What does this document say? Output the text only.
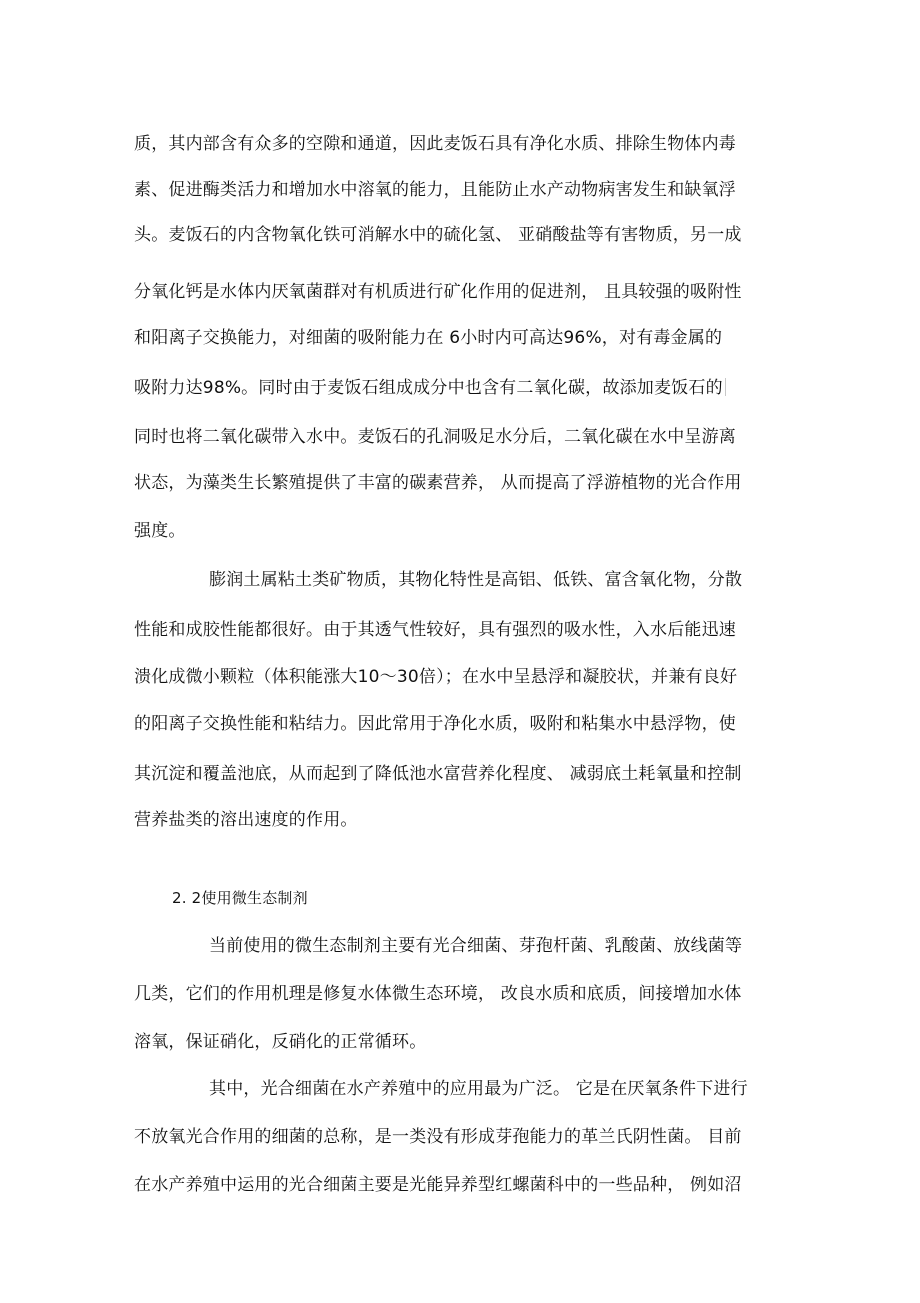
质，其内部含有众多的空隙和通道，因此麦饭石具有净化水质、排除生物体内毒
素、促进酶类活力和增加水中溶氧的能力，且能防止水产动物病害发生和缺氧浮
头。麦饭石的内含物氧化铁可消解水中的硫化氢、 亚硝酸盐等有害物质，另一成
分氧化钙是水体内厌氧菌群对有机质进行矿化作用的促进剂， 且具较强的吸附性
和阳离子交换能力，对细菌的吸附能力在 6小时内可高达96%，对有毒金属的
吸附力达98%。同时由于麦饭石组成成分中也含有二氧化碳，故添加麦饭石的
同时也将二氧化碳带入水中。麦饭石的孔洞吸足水分后，二氧化碳在水中呈游离
状态，为藻类生长繁殖提供了丰富的碳素营养， 从而提高了浮游植物的光合作用
强度。
膨润土属粘土类矿物质，其物化特性是高铝、低铁、富含氧化物，分散
性能和成胶性能都很好。由于其透气性较好，具有强烈的吸水性，入水后能迅速
溃化成微小颗粒（体积能涨大10〜30倍）；在水中呈悬浮和凝胶状，并兼有良好
的阳离子交换性能和粘结力。因此常用于净化水质，吸附和粘集水中悬浮物，使
其沉淀和覆盖池底，从而起到了降低池水富营养化程度、 减弱底土耗氧量和控制
营养盐类的溶出速度的作用。
2. 2使用微生态制剂
当前使用的微生态制剂主要有光合细菌、芽孢杆菌、乳酸菌、放线菌等
几类，它们的作用机理是修复水体微生态环境， 改良水质和底质，间接增加水体
溶氧，保证硝化，反硝化的正常循环。
其中，光合细菌在水产养殖中的应用最为广泛。 它是在厌氧条件下进行
不放氧光合作用的细菌的总称，是一类没有形成芽孢能力的革兰氏阴性菌。 目前
在水产养殖中运用的光合细菌主要是光能异养型红螺菌科中的一些品种， 例如沼
